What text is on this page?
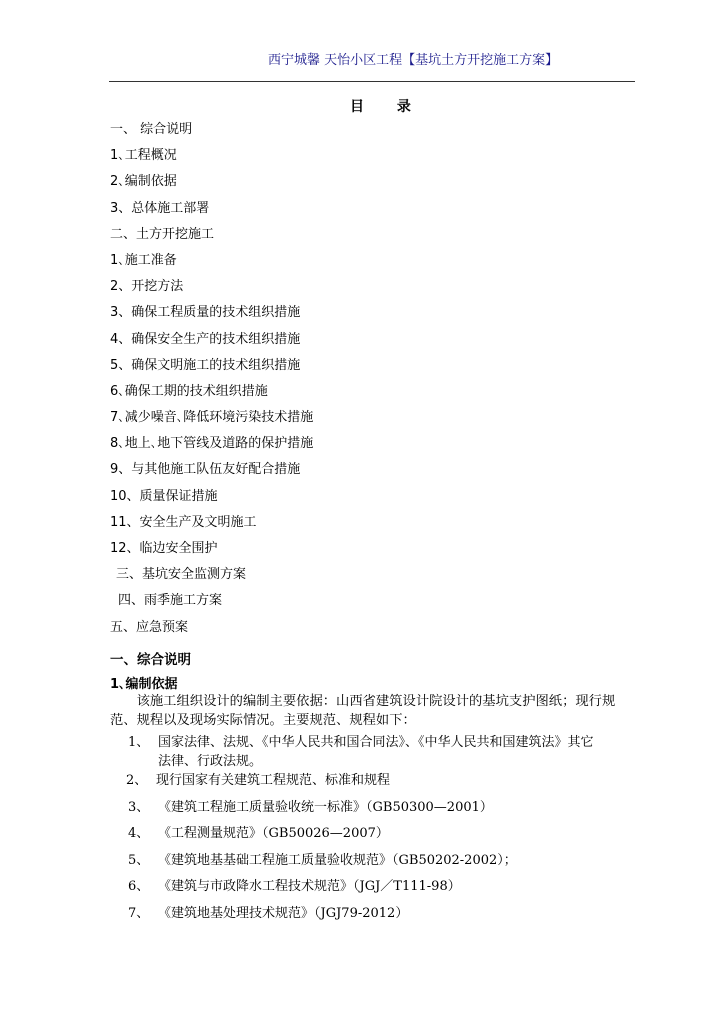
西宁城馨 天怡小区工程【基坑土方开挖施工方案】
目 录
一、 综合说明
1､工程概况
2､编制依据
3、总体施工部署
二、土方开挖施工
1､施工准备
2、开挖方法
3、确保工程质量的技术组织措施
4、确保安全生产的技术组织措施
5、确保文明施工的技术组织措施
6､确保工期的技术组织措施
7､减少噪音､降低环境污染技术措施
8､地上､地下管线及道路的保护措施
9、与其他施工队伍友好配合措施
10、质量保证措施
11、安全生产及文明施工
12、临边安全围护
三、基坑安全监测方案
四、雨季施工方案
五、应急预案
一、综合说明
1､编制依据
该施工组织设计的编制主要依据：山西省建筑设计院设计的基坑支护图纸；现行规范、规程以及现场实际情况。主要规范、规程如下：
1、 国家法律、法规、《中华人民共和国合同法》、《中华人民共和国建筑法》其它
法律、行政法规。
2、 现行国家有关建筑工程规范、标准和规程
3、 《建筑工程施工质量验收统一标准》（GB50300—2001）
4、 《工程测量规范》（GB50026—2007）
5、 《建筑地基基础工程施工质量验收规范》（GB50202-2002）；
6、 《建筑与市政降水工程技术规范》（JGJ／T111-98）
7、 《建筑地基处理技术规范》（JGJ79-2012）
